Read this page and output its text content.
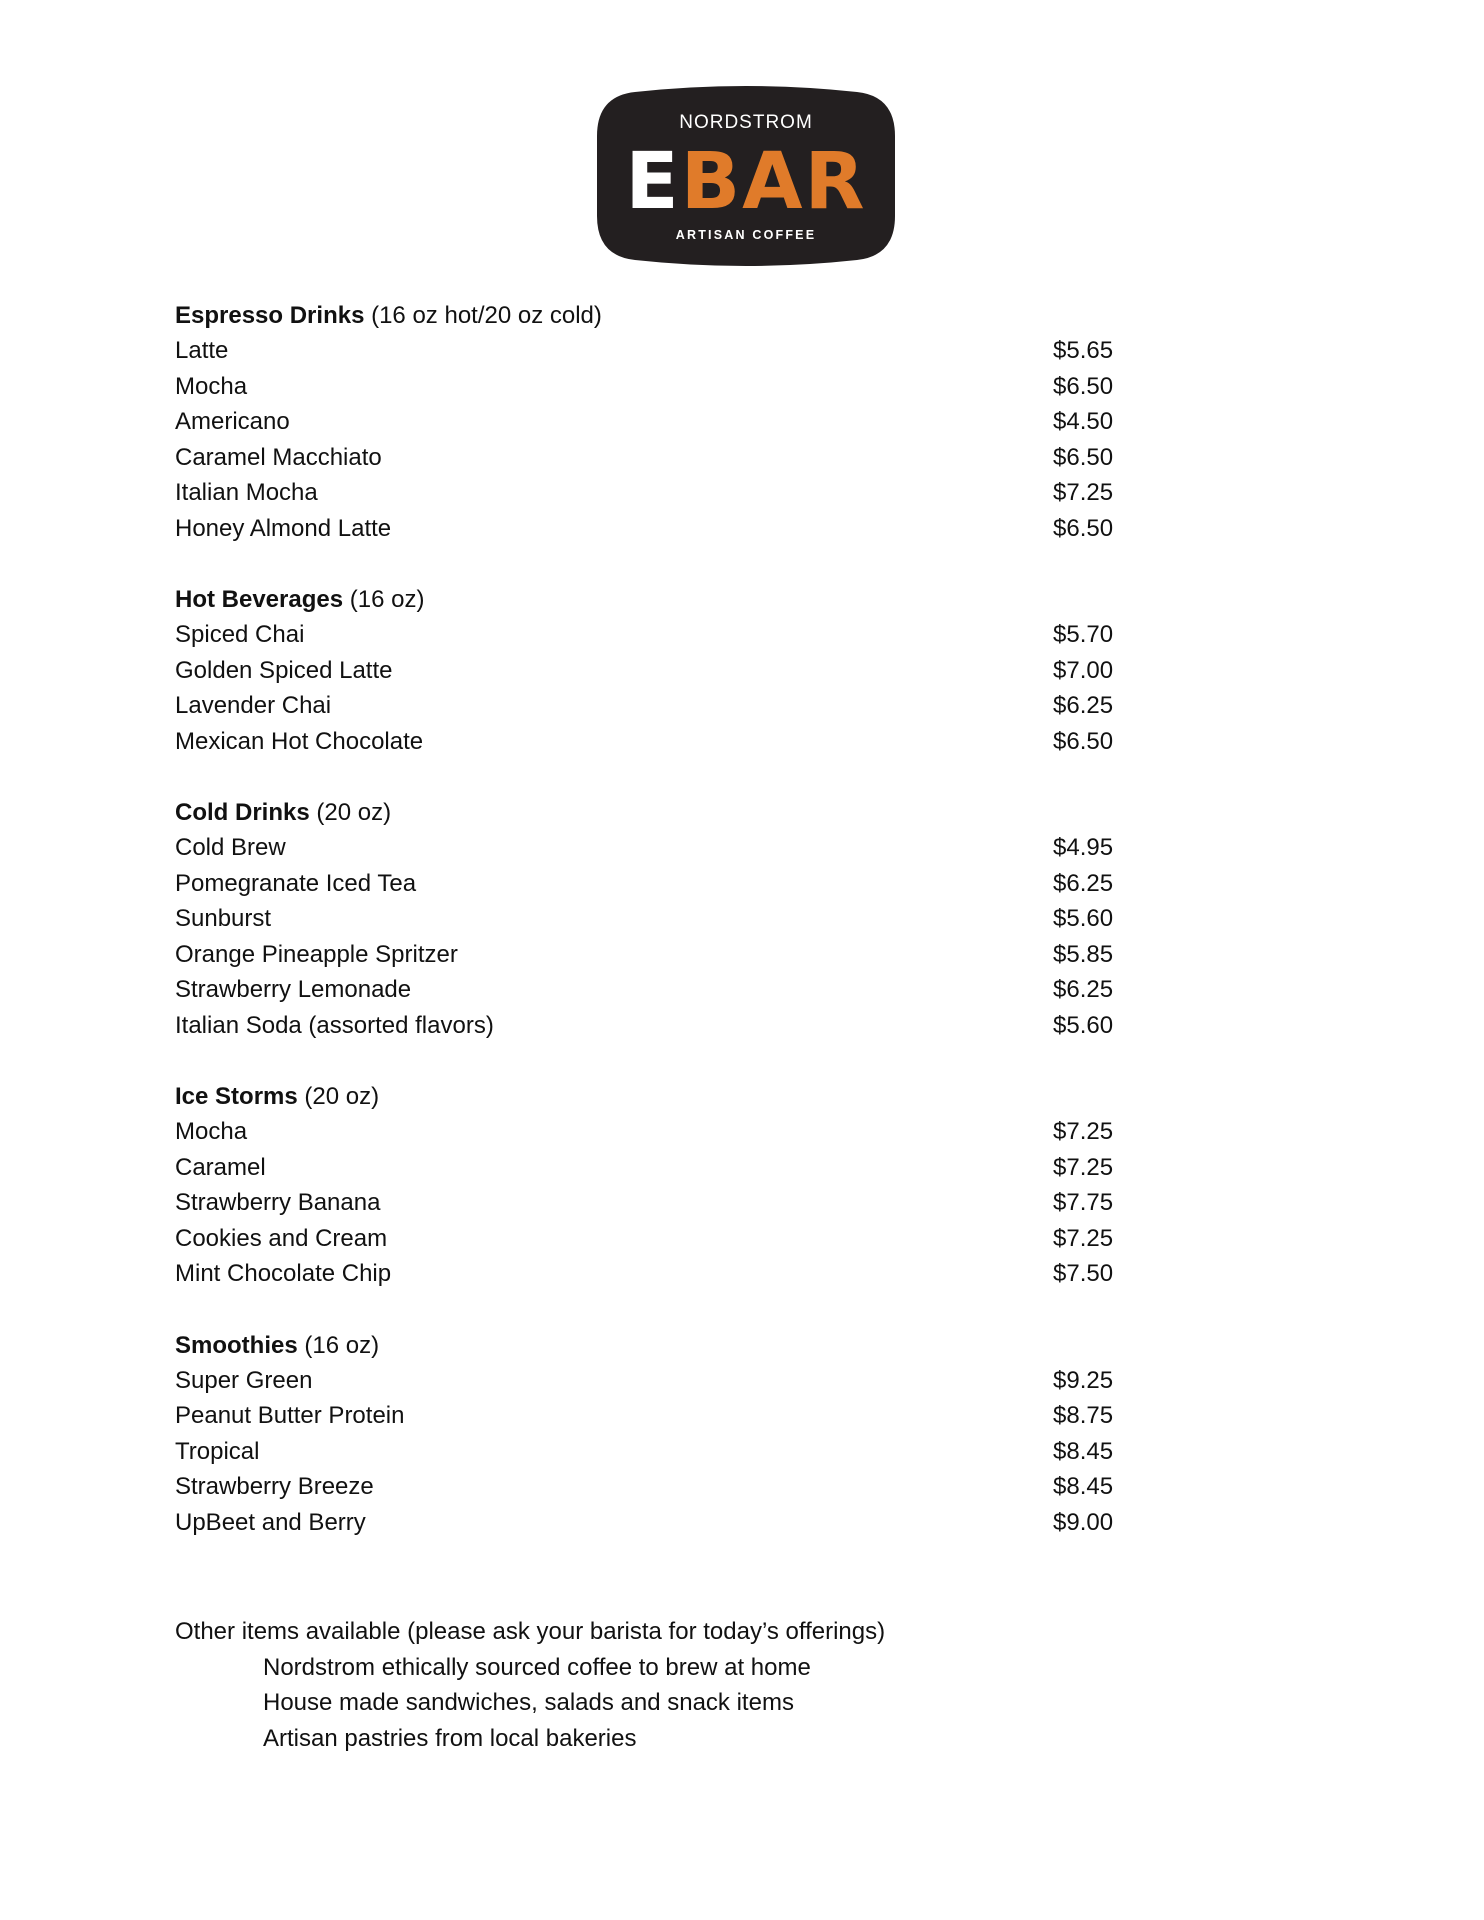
NORDSTROM
EBAR
ARTISAN COFFEE
Espresso Drinks (16 oz hot/20 oz cold)
Latte	$5.65
Mocha	$6.50
Americano	$4.50
Caramel Macchiato	$6.50
Italian Mocha	$7.25
Honey Almond Latte	$6.50
Hot Beverages (16 oz)
Spiced Chai	$5.70
Golden Spiced Latte	$7.00
Lavender Chai	$6.25
Mexican Hot Chocolate	$6.50
Cold Drinks (20 oz)
Cold Brew	$4.95
Pomegranate Iced Tea	$6.25
Sunburst	$5.60
Orange Pineapple Spritzer	$5.85
Strawberry Lemonade	$6.25
Italian Soda (assorted flavors)	$5.60
Ice Storms (20 oz)
Mocha	$7.25
Caramel	$7.25
Strawberry Banana	$7.75
Cookies and Cream	$7.25
Mint Chocolate Chip	$7.50
Smoothies (16 oz)
Super Green	$9.25
Peanut Butter Protein	$8.75
Tropical	$8.45
Strawberry Breeze	$8.45
UpBeet and Berry	$9.00
Other items available (please ask your barista for today’s offerings)
Nordstrom ethically sourced coffee to brew at home
House made sandwiches, salads and snack items
Artisan pastries from local bakeries
